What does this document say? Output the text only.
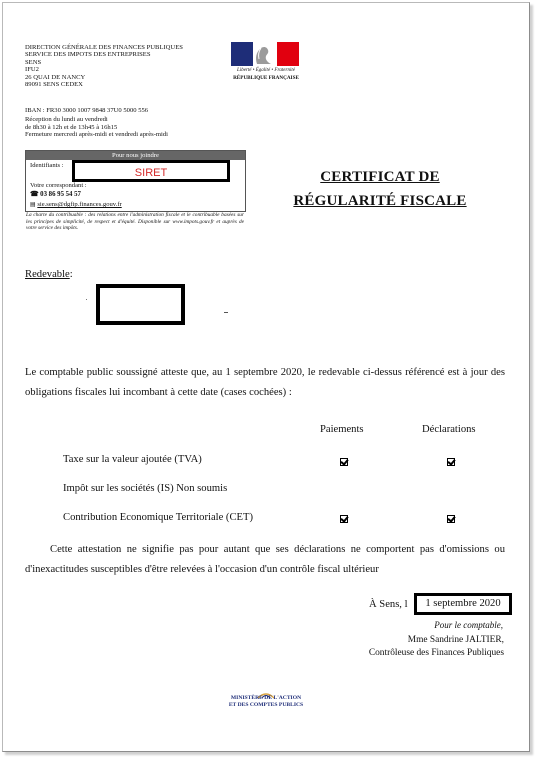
DIRECTION GÉNÉRALE DES FINANCES PUBLIQUES
SERVICE DES IMPOTS DES ENTREPRISES
SENS
IFU2
26 QUAI DE NANCY
89091 SENS CEDEX
IBAN : FR30 3000 1007 9848 37U0 5000 556
Réception du lundi au vendredi
de 8h30 à 12h et de 13h45 à 16h15
Fermeture mercredi après-midi et vendredi après-midi
Liberté • Égalité • Fraternité
RÉPUBLIQUE FRANÇAISE
Pour nous joindre
Identifiants :
SIRET
Votre correspondant :
☎ 03 86 95 54 57
▤ sie.sens@dgfip.finances.gouv.fr
La charte du contribuable : des relations entre l'administration fiscale et le contribuable basées sur les principes de simplicité, de respect et d'équité. Disponible sur www.impots.gouv.fr et auprès de votre service des impôts.
CERTIFICAT DE
RÉGULARITÉ FISCALE
Redevable:
Le comptable public soussigné atteste que, au 1 septembre 2020, le redevable ci-dessus référencé est à jour des obligations fiscales lui incombant à cette date (cases cochées) :
Paiements	Déclarations
Taxe sur la valeur ajoutée (TVA)
Impôt sur les sociétés (IS) Non soumis
Contribution Economique Territoriale (CET)
Cette attestation ne signifie pas pour autant que ses déclarations ne comportent pas d'omissions ou d'inexactitudes susceptibles d'être relevées à l'occasion d'un contrôle fiscal ultérieur
À Sens, l	1 septembre 2020
Pour le comptable,
Mme Sandrine JALTIER,
Contrôleuse des Finances Publiques
MINISTÈRE DE L'ACTION
ET DES COMPTES PUBLICS
